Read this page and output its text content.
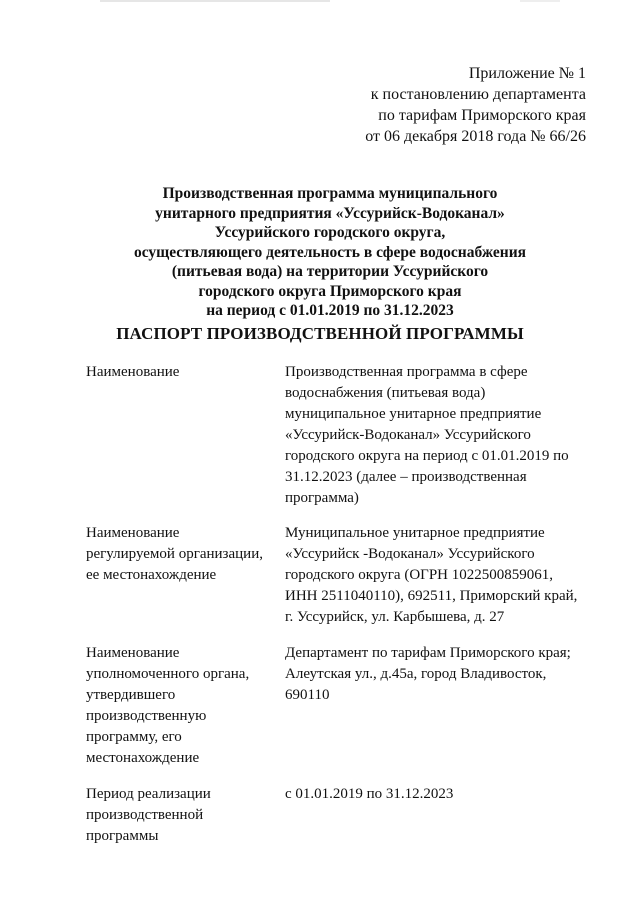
Приложение № 1
к постановлению департамента
по тарифам Приморского края
от 06 декабря 2018 года № 66/26
Производственная программа муниципального
унитарного предприятия «Уссурийск-Водоканал»
Уссурийского городского округа,
осуществляющего деятельность в сфере водоснабжения
(питьевая вода) на территории Уссурийского
городского округа Приморского края
на период с 01.01.2019 по 31.12.2023
ПАСПОРТ ПРОИЗВОДСТВЕННОЙ ПРОГРАММЫ
Наименование	Производственная программа в сфере
водоснабжения (питьевая вода)
муниципальное унитарное предприятие
«Уссурийск-Водоканал» Уссурийского
городского округа на период с 01.01.2019 по
31.12.2023 (далее – производственная
программа)
Наименование
регулируемой организации,
ее местонахождение
Муниципальное унитарное предприятие
«Уссурийск -Водоканал» Уссурийского
городского округа (ОГРН 1022500859061,
ИНН 2511040110), 692511, Приморский край,
г. Уссурийск, ул. Карбышева, д. 27
Наименование
уполномоченного органа,
утвердившего
производственную
программу, его
местонахождение
Департамент по тарифам Приморского края;
Алеутская ул., д.45а, город Владивосток,
690110
Период реализации
производственной
программы
с 01.01.2019 по 31.12.2023
